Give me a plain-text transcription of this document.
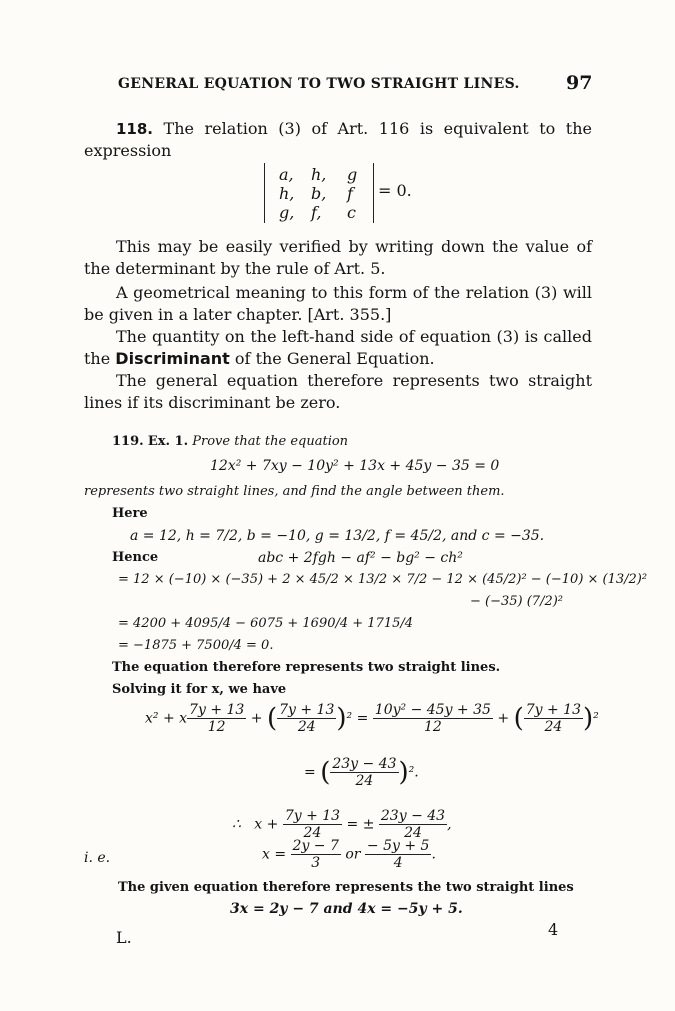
GENERAL EQUATION TO TWO STRAIGHT LINES. 97
118. The relation (3) of Art. 116 is equivalent to the expression
a, h, g
h, b, f
g, f, c
= 0.
This may be easily verified by writing down the value of the determinant by the rule of Art. 5.
A geometrical meaning to this form of the relation (3) will be given in a later chapter. [Art. 355.]
The quantity on the left-hand side of equation (3) is called the Discriminant of the General Equation.
The general equation therefore represents two straight lines if its discriminant be zero.
119. Ex. 1. Prove that the equation
12x² + 7xy − 10y² + 13x + 45y − 35 = 0
represents two straight lines, and find the angle between them.
Here
a = 12, h = 7/2, b = −10, g = 13/2, f = 45/2, and c = −35.
Hence	abc + 2fgh − af² − bg² − ch²
= 12 × (−10) × (−35) + 2 × 45/2 × 13/2 × 7/2 − 12 × (45/2)² − (−10) × (13/2)²
− (−35) (7/2)²
= 4200 + 4095/4 − 6075 + 1690/4 + 1715/4
= −1875 + 7500/4 = 0.
The equation therefore represents two straight lines.
Solving it for x, we have
x² + x $\frac{7y + 13}{12}$ + ( $\frac{7y + 13}{24} )^2 = \frac{\text{10y² − 45y + 35}}{12}$ + ( $\frac{7y + 13}{24} )^2$
= ( $\frac{23y - 43}{24} )^2$.
∴   $x + \frac{7y + 13}{24}$ = ± $\frac{23y - 43}{24}$ ,
i. e.	$x = \frac{2y - 7}{3}$ or $\frac{- 5y + 5}{4}$ .
The given equation therefore represents the two straight lines
3x = 2y − 7 and 4x = −5y + 5.
L.	4
